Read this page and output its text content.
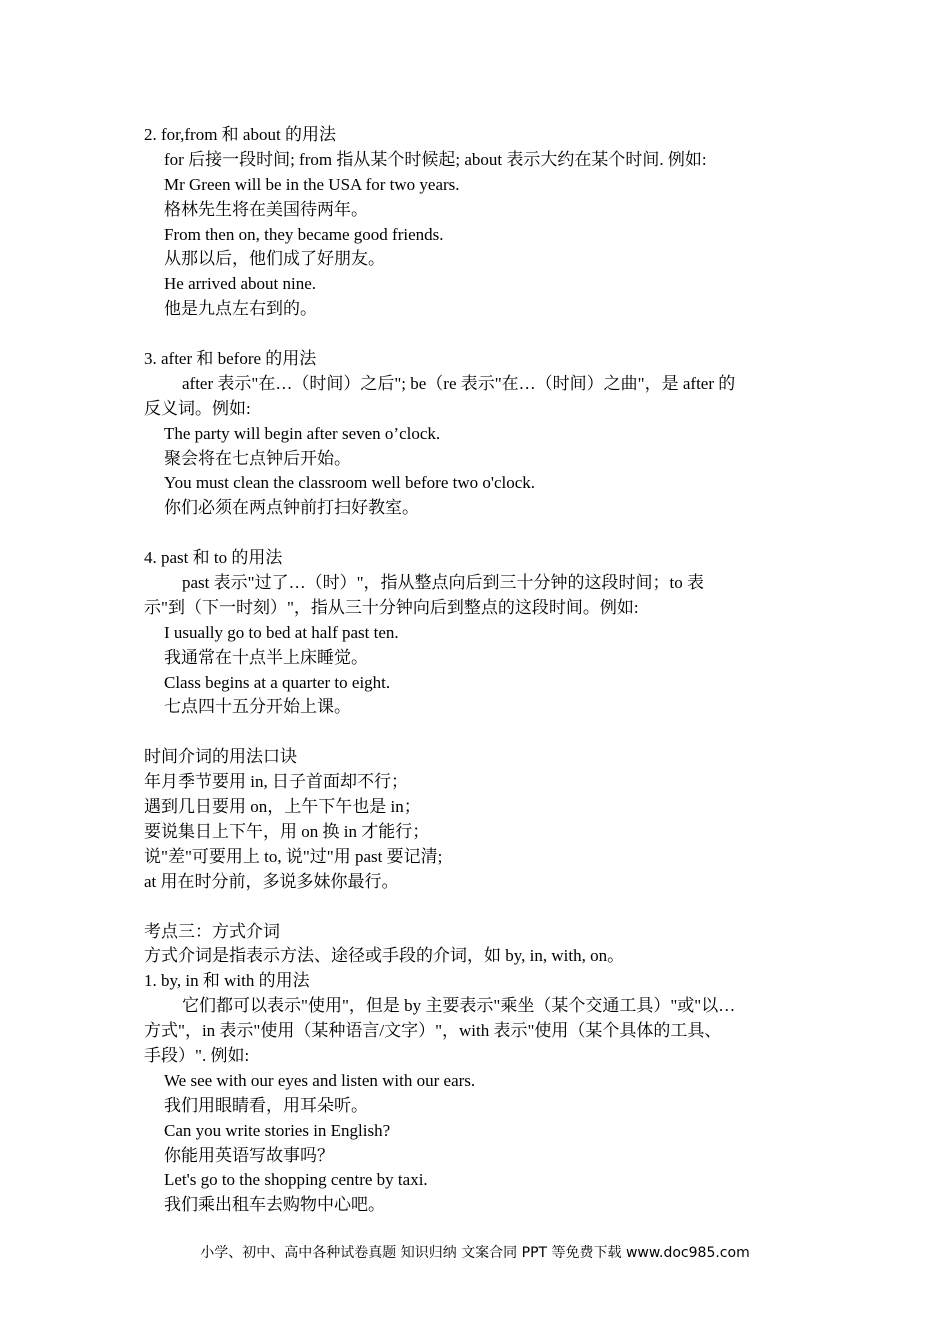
2. for,from 和 about 的用法
for 后接一段时间; from 指从某个时候起; about 表示大约在某个时间. 例如:
Mr Green will be in the USA for two years.
格林先生将在美国待两年。
From then on, they became good friends.
从那以后，他们成了好朋友。
He arrived about nine.
他是九点左右到的。
3. after 和 before 的用法
after 表示"在…（时间）之后"; be（re 表示"在…（时间）之曲"，是 after 的
反义词。例如:
The party will begin after seven o’clock.
聚会将在七点钟后开始。
You must clean the classroom well before two o'clock.
你们必须在两点钟前打扫好教室。
4. past 和 to 的用法
past 表示"过了…（时）"，指从整点向后到三十分钟的这段时间；to 表
示"到（下一时刻）"，指从三十分钟向后到整点的这段时间。例如:
I usually go to bed at half past ten.
我通常在十点半上床睡觉。
Class begins at a quarter to eight.
七点四十五分开始上课。
时间介词的用法口诀
年月季节要用 in, 日子首面却不行；
遇到几日要用 on，上午下午也是 in；
要说集日上下午，用 on 换 in 才能行；
说"差"可要用上 to, 说"过"用 past 要记清;
at 用在时分前，多说多妹你最行。
考点三：方式介词
方式介词是指表示方法、途径或手段的介词，如 by, in, with, on。
1. by, in 和 with 的用法
它们都可以表示"使用"，但是 by 主要表示"乘坐（某个交通工具）"或"以…
方式"，in 表示"使用（某种语言/文字）"，with 表示"使用（某个具体的工具、
手段）". 例如:
We see with our eyes and listen with our ears.
我们用眼睛看，用耳朵听。
Can you write stories in English?
你能用英语写故事吗？
Let's go to the shopping centre by taxi.
我们乘出租车去购物中心吧。
小学、初中、高中各种试卷真题 知识归纳 文案合同 PPT 等免费下载 www.doc985.com
